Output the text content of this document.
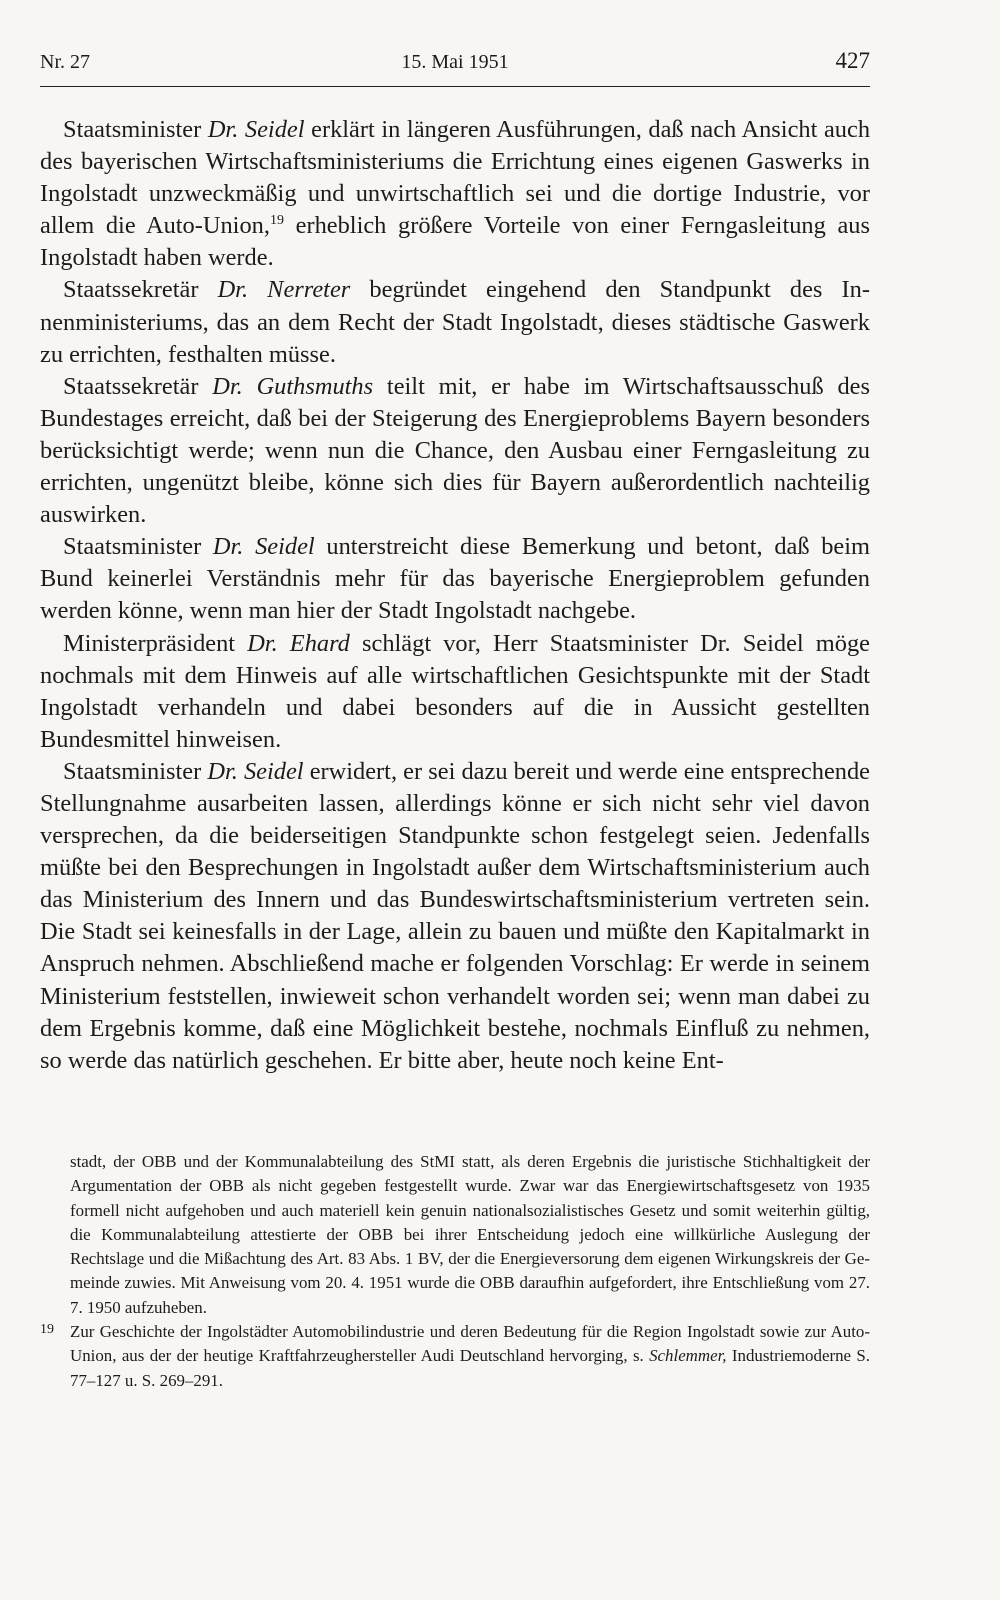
Nr. 27	15. Mai 1951	427

Staatsminister Dr. Seidel erklärt in längeren Ausführungen, daß nach Ansicht auch des bayerischen Wirtschaftsministeriums die Errichtung eines eigenen Gaswerks in Ingolstadt unzweckmäßig und unwirtschaftlich sei und die dortige Industrie, vor allem die Auto-Union,$^{19}$ erheblich größere Vorteile von einer Ferngasleitung aus Ingolstadt haben werde.

Staatssekretär Dr. Nerreter begründet eingehend den Standpunkt des Innenministeriums, das an dem Recht der Stadt Ingolstadt, dieses städtische Gaswerk zu errichten, festhalten müsse.

Staatssekretär Dr. Guthsmuths teilt mit, er habe im Wirtschaftsausschuß des Bundestages erreicht, daß bei der Steigerung des Energieproblems Bayern besonders berücksichtigt werde; wenn nun die Chance, den Ausbau einer Ferngasleitung zu errichten, ungenützt bleibe, könne sich dies für Bayern außerordentlich nachteilig auswirken.

Staatsminister Dr. Seidel unterstreicht diese Bemerkung und betont, daß beim Bund keinerlei Verständnis mehr für das bayerische Energieproblem gefunden werden könne, wenn man hier der Stadt Ingolstadt nachgebe.

Ministerpräsident Dr. Ehard schlägt vor, Herr Staatsminister Dr. Seidel möge nochmals mit dem Hinweis auf alle wirtschaftlichen Gesichtspunkte mit der Stadt Ingolstadt verhandeln und dabei besonders auf die in Aussicht gestellten Bundesmittel hinweisen.

Staatsminister Dr. Seidel erwidert, er sei dazu bereit und werde eine entsprechende Stellungnahme ausarbeiten lassen, allerdings könne er sich nicht sehr viel davon versprechen, da die beiderseitigen Standpunkte schon festgelegt seien. Jedenfalls müßte bei den Besprechungen in Ingolstadt außer dem Wirtschaftsministerium auch das Ministerium des Innern und das Bundeswirtschaftsministerium vertreten sein. Die Stadt sei keinesfalls in der Lage, allein zu bauen und müßte den Kapitalmarkt in Anspruch nehmen. Abschließend mache er folgenden Vorschlag: Er werde in seinem Ministerium feststellen, inwieweit schon verhandelt worden sei; wenn man dabei zu dem Ergebnis komme, daß eine Möglichkeit bestehe, nochmals Einfluß zu nehmen, so werde das natürlich geschehen. Er bitte aber, heute noch keine Ent-

stadt, der OBB und der Kommunalabteilung des StMI statt, als deren Ergebnis die juristische Stichhaltigkeit der Argumentation der OBB als nicht gegeben festgestellt wurde. Zwar war das Energiewirtschaftsgesetz von 1935 formell nicht aufgehoben und auch materiell kein genuin nationalsozialistisches Gesetz und somit weiterhin gültig, die Kommunalabteilung attestierte der OBB bei ihrer Entscheidung jedoch eine willkürliche Auslegung der Rechtslage und die Mißachtung des Art. 83 Abs. 1 BV, der die Energieversorung dem eigenen Wirkungskreis der Gemeinde zuwies. Mit Anweisung vom 20. 4. 1951 wurde die OBB daraufhin aufgefordert, ihre Entschließung vom 27. 7. 1950 aufzuheben.

19 Zur Geschichte der Ingolstädter Automobilindustrie und deren Bedeutung für die Region Ingolstadt sowie zur Auto-Union, aus der der heutige Kraftfahrzeughersteller Audi Deutschland hervorging, s. Schlemmer, Industriemoderne S. 77–127 u. S. 269–291.
